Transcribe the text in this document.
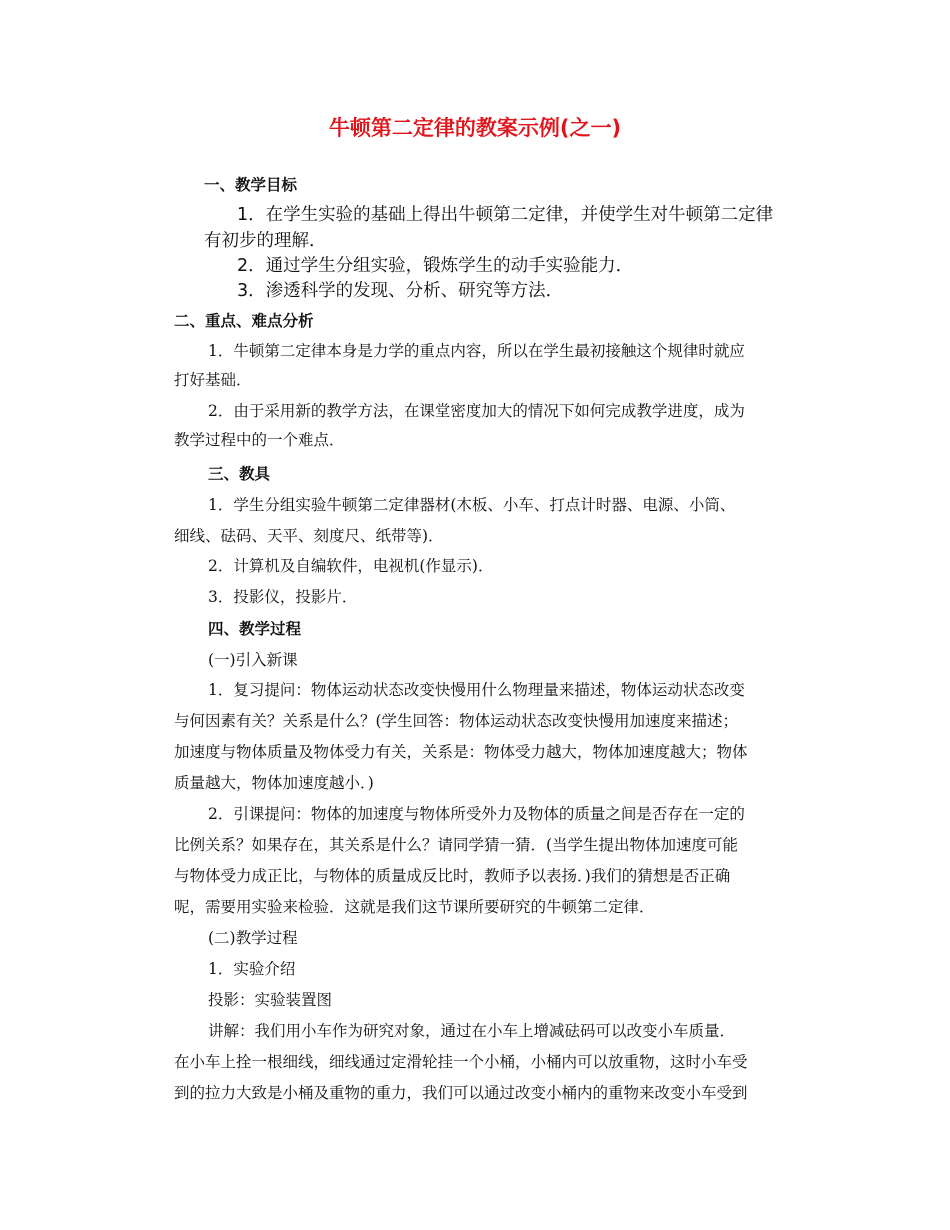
牛顿第二定律的教案示例(之一)
一、教学目标
1．在学生实验的基础上得出牛顿第二定律，并使学生对牛顿第二定律
有初步的理解．
2．通过学生分组实验，锻炼学生的动手实验能力．
3．渗透科学的发现、分析、研究等方法．
二、重点、难点分析
1．牛顿第二定律本身是力学的重点内容，所以在学生最初接触这个规律时就应
打好基础．
2．由于采用新的教学方法，在课堂密度加大的情况下如何完成教学进度，成为
教学过程中的一个难点．
三、教具
1．学生分组实验牛顿第二定律器材(木板、小车、打点计时器、电源、小筒、
细线、砝码、天平、刻度尺、纸带等)．
2．计算机及自编软件，电视机(作显示)．
3．投影仪，投影片．
四、教学过程
(一)引入新课
1．复习提问：物体运动状态改变快慢用什么物理量来描述，物体运动状态改变
与何因素有关？关系是什么？(学生回答：物体运动状态改变快慢用加速度来描述；
加速度与物体质量及物体受力有关，关系是：物体受力越大，物体加速度越大；物体
质量越大，物体加速度越小．)
2．引课提问：物体的加速度与物体所受外力及物体的质量之间是否存在一定的
比例关系？如果存在，其关系是什么？请同学猜一猜．(当学生提出物体加速度可能
与物体受力成正比，与物体的质量成反比时，教师予以表扬．)我们的猜想是否正确
呢，需要用实验来检验．这就是我们这节课所要研究的牛顿第二定律．
(二)教学过程
1．实验介绍
投影：实验装置图
讲解：我们用小车作为研究对象，通过在小车上增减砝码可以改变小车质量．
在小车上拴一根细线，细线通过定滑轮挂一个小桶，小桶内可以放重物，这时小车受
到的拉力大致是小桶及重物的重力，我们可以通过改变小桶内的重物来改变小车受到
